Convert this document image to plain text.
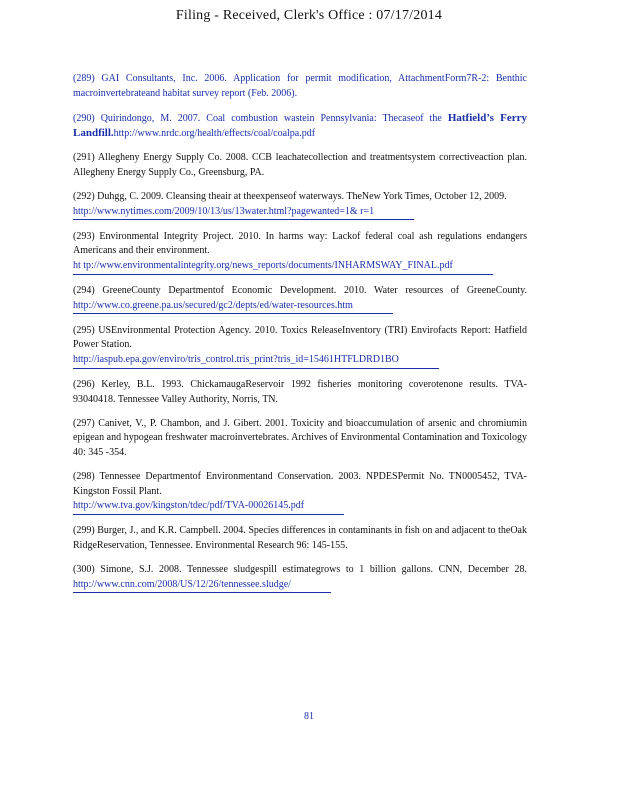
Filing - Received, Clerk's Office : 07/17/2014

(289) GAI Consultants, Inc. 2006. Application for permit modification, AttachmentForm7R-2: Benthic macroinvertebrateand habitat survey report (Feb. 2006).

(290) Quirindongo, M. 2007. Coal combustion wastein Pennsylvania: Thecaseof the Hatfield’s Ferry Landfill.http://www.nrdc.org/health/effects/coal/coalpa.pdf

(291) Allegheny Energy Supply Co. 2008. CCB leachatecollection and treatmentsystem correctiveaction plan. Allegheny Energy Supply Co., Greensburg, PA.

(292) Duhgg, C. 2009. Cleansing theair at theexpenseof waterways. TheNew York Times, October 12, 2009.
http://www.nytimes.com/2009/10/13/us/13water.html?pagewanted=1& r=1

(293) Environmental Integrity Project. 2010. In harms way: Lackof federal coal ash regulations endangers Americans and their environment.
ht tp://www.environmentalintegrity.org/news_reports/documents/INHARMSWAY_FINAL.pdf

(294) GreeneCounty Departmentof Economic Development. 2010. Water resources of GreeneCounty. http://www.co.greene.pa.us/secured/gc2/depts/ed/water-resources.htm

(295) USEnvironmental Protection Agency. 2010. Toxics ReleaseInventory (TRI) Envirofacts Report: Hatfield Power Station.
http://iaspub.epa.gov/enviro/tris_control.tris_print?tris_id=15461HTFLDRD1BO

(296) Kerley, B.L. 1993. ChickamaugaReservoir 1992 fisheries monitoring coverotenone results. TVA-93040418. Tennessee Valley Authority, Norris, TN.

(297) Canivet, V., P. Chambon, and J. Gibert. 2001. Toxicity and bioaccumulation of arsenic and chromiumin epigean and hypogean freshwater macroinvertebrates. Archives of Environmental Contamination and Toxicology 40: 345 -354.

(298) Tennessee Departmentof Environmentand Conservation. 2003. NPDESPermit No. TN0005452, TVA-Kingston Fossil Plant.
http://www.tva.gov/kingston/tdec/pdf/TVA-00026145.pdf

(299) Burger, J., and K.R. Campbell. 2004. Species differences in contaminants in fish on and adjacent to theOak RidgeReservation, Tennessee. Environmental Research 96: 145-155.

(300) Simone, S.J. 2008. Tennessee sludgespill estimategrows to 1 billion gallons. CNN, December 28. http://www.cnn.com/2008/US/12/26/tennessee.sludge/

81
